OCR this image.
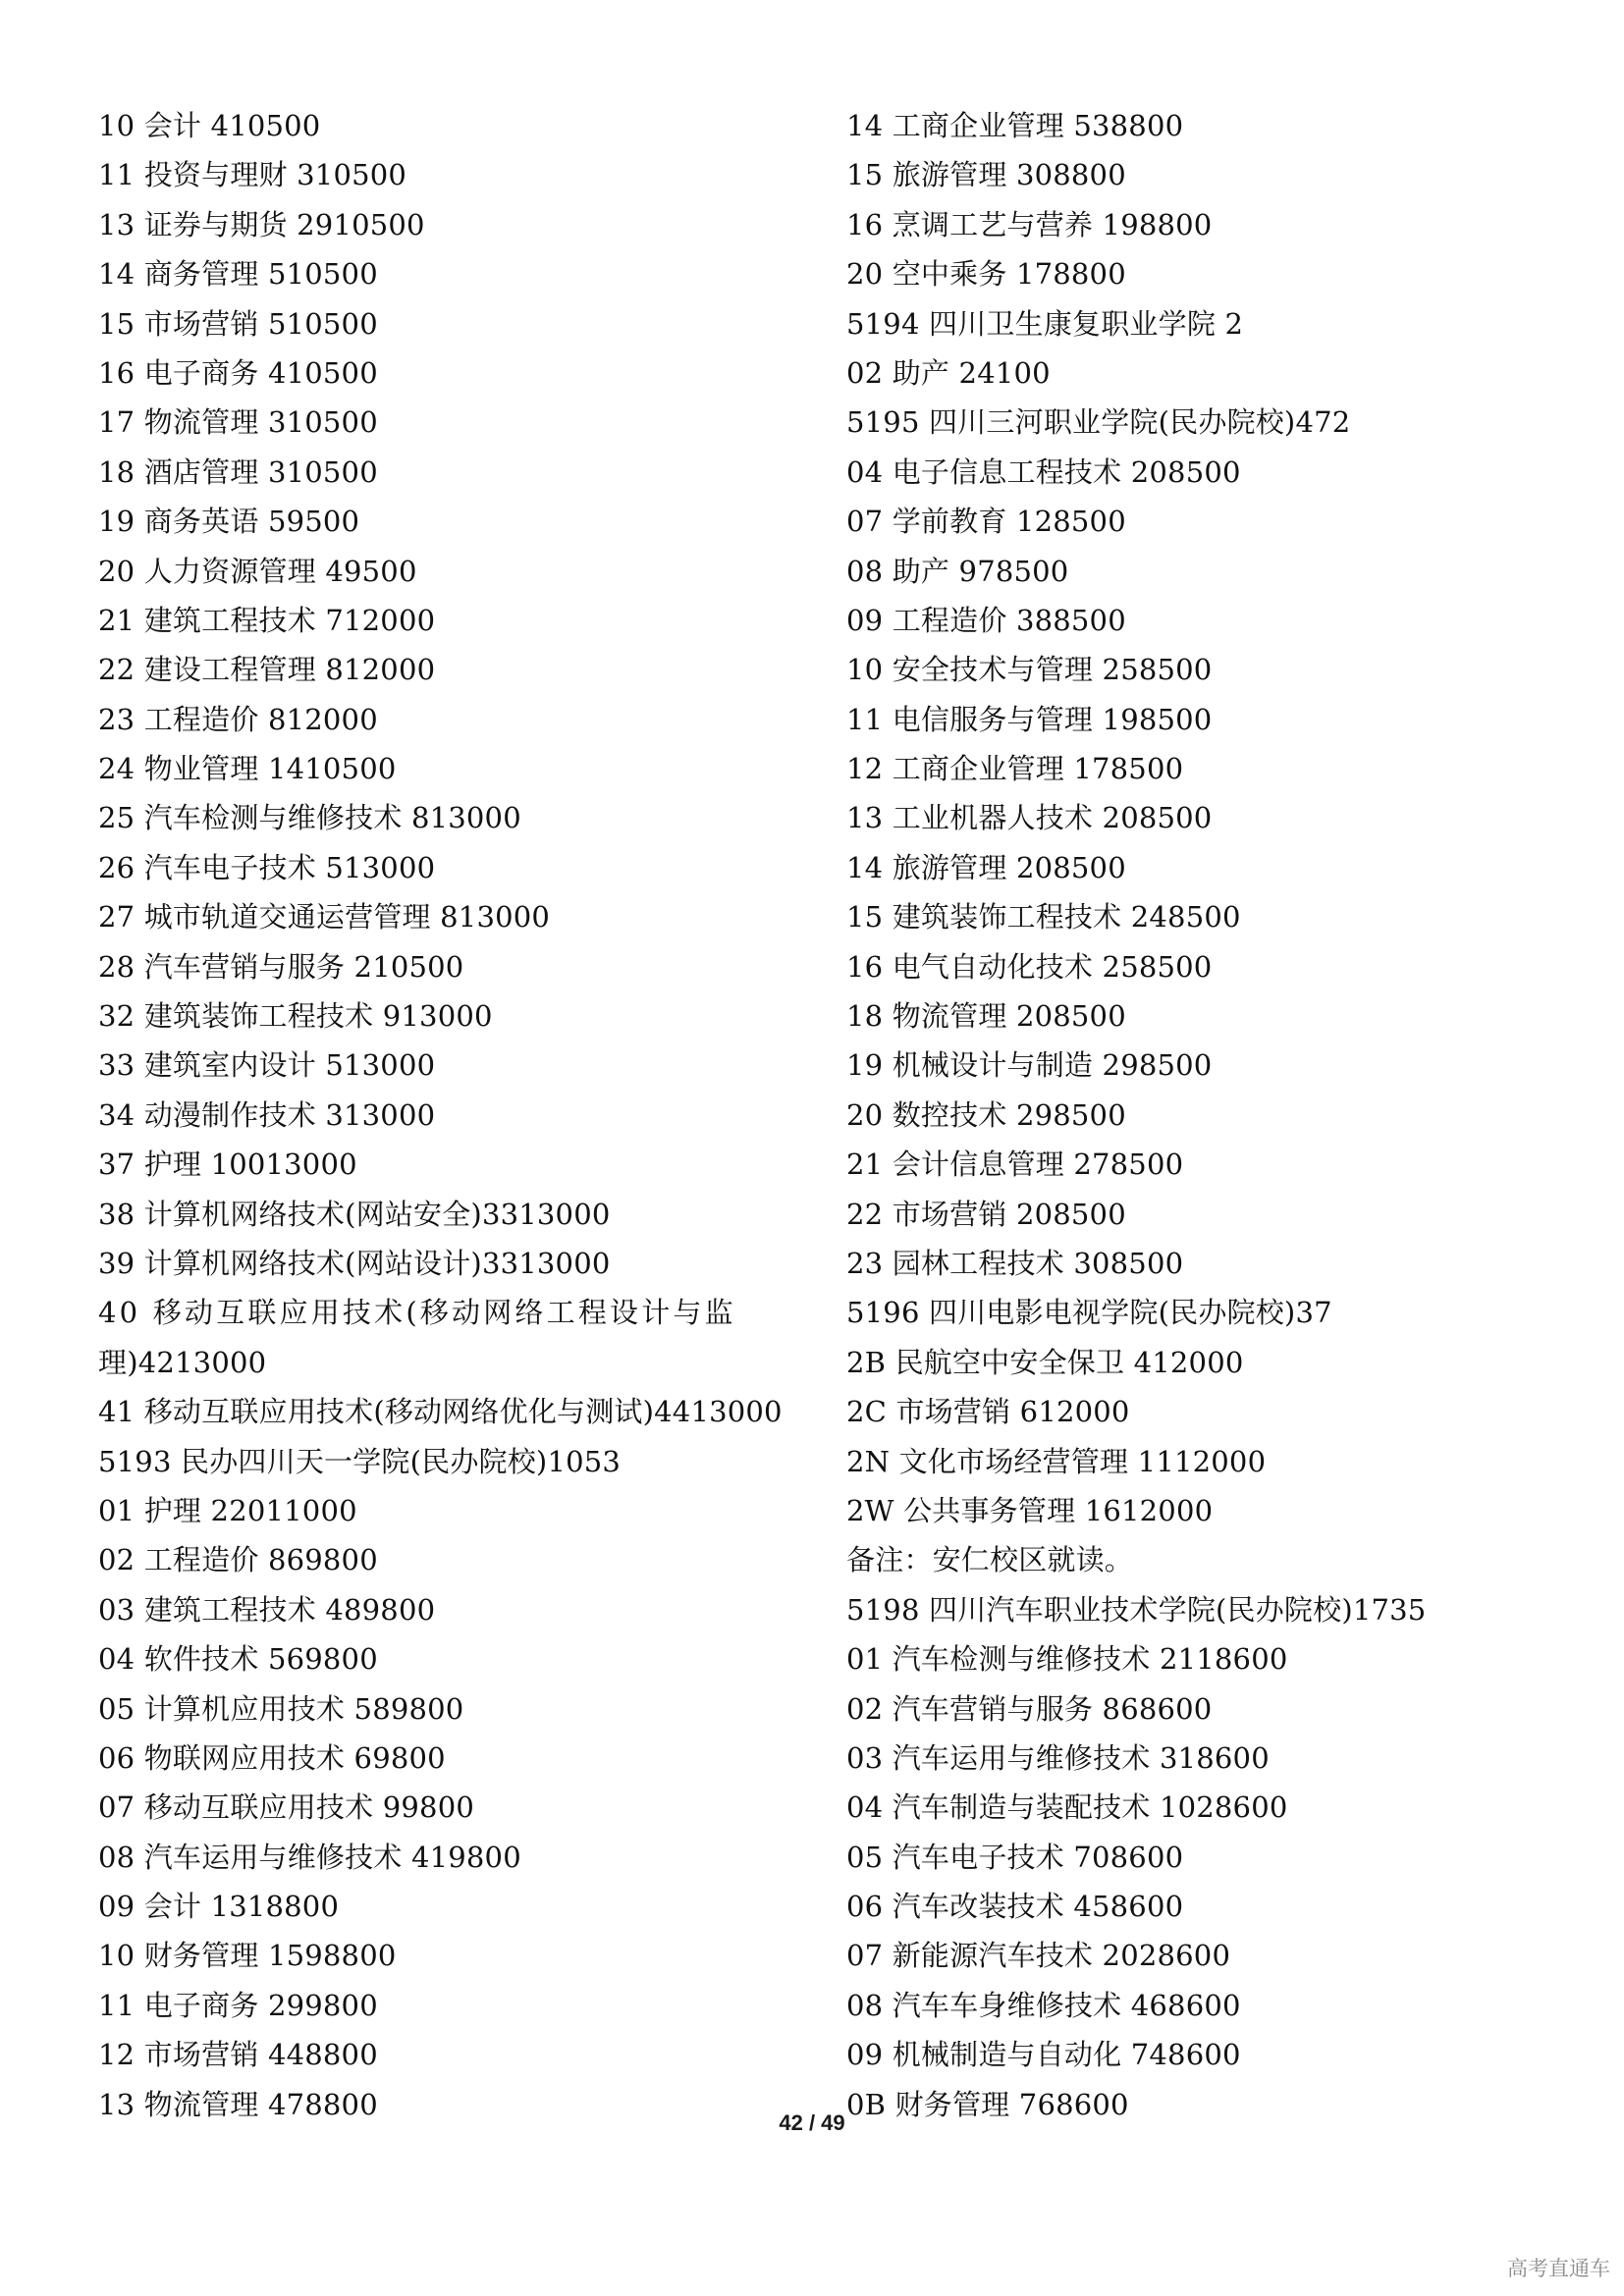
10 会计 410500
11 投资与理财 310500
13 证券与期货 2910500
14 商务管理 510500
15 市场营销 510500
16 电子商务 410500
17 物流管理 310500
18 酒店管理 310500
19 商务英语 59500
20 人力资源管理 49500
21 建筑工程技术 712000
22 建设工程管理 812000
23 工程造价 812000
24 物业管理 1410500
25 汽车检测与维修技术 813000
26 汽车电子技术 513000
27 城市轨道交通运营管理 813000
28 汽车营销与服务 210500
32 建筑装饰工程技术 913000
33 建筑室内设计 513000
34 动漫制作技术 313000
37 护理 10013000
38 计算机网络技术(网站安全)3313000
39 计算机网络技术(网站设计)3313000
40 移动互联应用技术(移动网络工程设计与监
理)4213000
41 移动互联应用技术(移动网络优化与测试)4413000
5193 民办四川天一学院(民办院校)1053
01 护理 22011000
02 工程造价 869800
03 建筑工程技术 489800
04 软件技术 569800
05 计算机应用技术 589800
06 物联网应用技术 69800
07 移动互联应用技术 99800
08 汽车运用与维修技术 419800
09 会计 1318800
10 财务管理 1598800
11 电子商务 299800
12 市场营销 448800
13 物流管理 478800
14 工商企业管理 538800
15 旅游管理 308800
16 烹调工艺与营养 198800
20 空中乘务 178800
5194 四川卫生康复职业学院 2
02 助产 24100
5195 四川三河职业学院(民办院校)472
04 电子信息工程技术 208500
07 学前教育 128500
08 助产 978500
09 工程造价 388500
10 安全技术与管理 258500
11 电信服务与管理 198500
12 工商企业管理 178500
13 工业机器人技术 208500
14 旅游管理 208500
15 建筑装饰工程技术 248500
16 电气自动化技术 258500
18 物流管理 208500
19 机械设计与制造 298500
20 数控技术 298500
21 会计信息管理 278500
22 市场营销 208500
23 园林工程技术 308500
5196 四川电影电视学院(民办院校)37
2B 民航空中安全保卫 412000
2C 市场营销 612000
2N 文化市场经营管理 1112000
2W 公共事务管理 1612000
备注：安仁校区就读。
5198 四川汽车职业技术学院(民办院校)1735
01 汽车检测与维修技术 2118600
02 汽车营销与服务 868600
03 汽车运用与维修技术 318600
04 汽车制造与装配技术 1028600
05 汽车电子技术 708600
06 汽车改装技术 458600
07 新能源汽车技术 2028600
08 汽车车身维修技术 468600
09 机械制造与自动化 748600
0B 财务管理 768600
42 / 49
高考直通车
